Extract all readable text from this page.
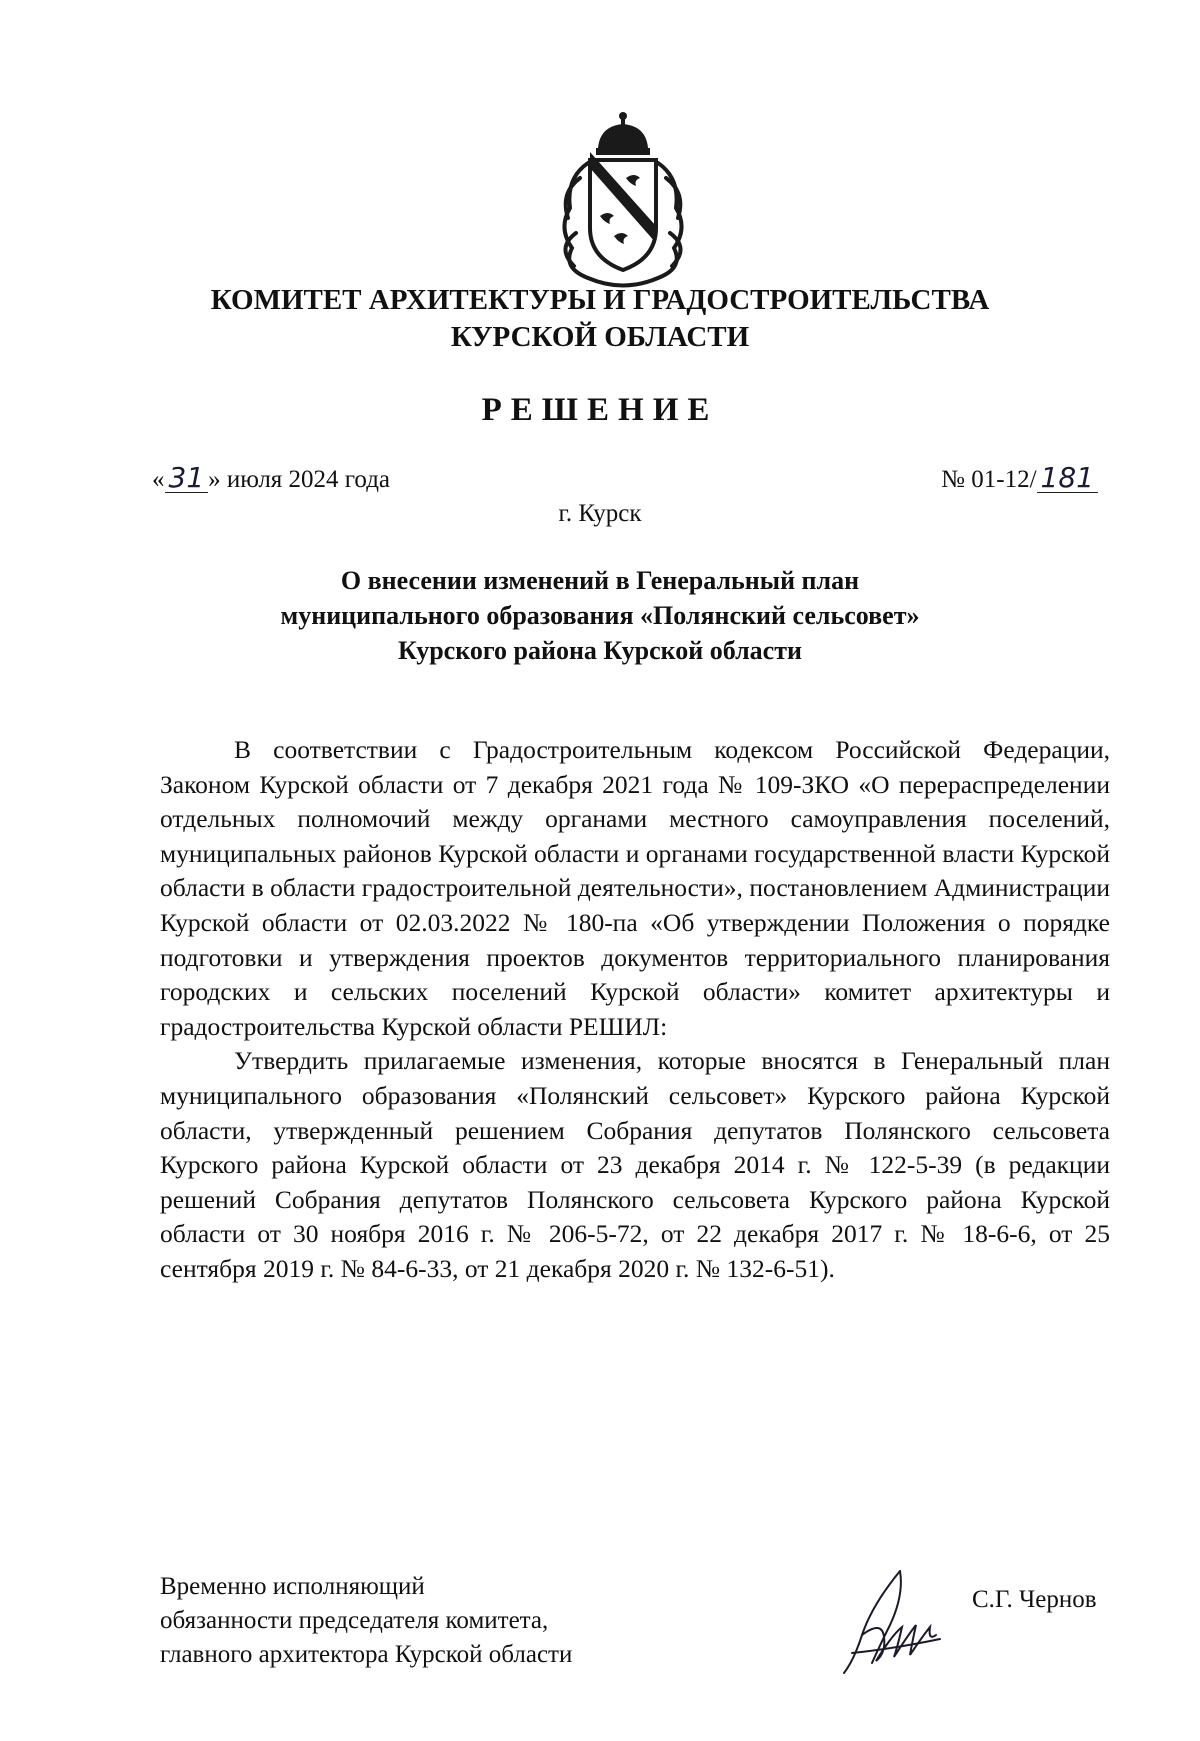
КОМИТЕТ АРХИТЕКТУРЫ И ГРАДОСТРОИТЕЛЬСТВА
КУРСКОЙ ОБЛАСТИ
РЕШЕНИЕ
« 31 » июля 2024 года	№ 01-12/ 181
г. Курск
О внесении изменений в Генеральный план
муниципального образования «Полянский сельсовет»
Курского района Курской области

В соответствии с Градостроительным кодексом Российской Федерации, Законом Курской области от 7 декабря 2021 года № 109-ЗКО «О перераспределении отдельных полномочий между органами местного самоуправления поселений, муниципальных районов Курской области и органами государственной власти Курской области в области градостроительной деятельности», постановлением Администрации Курской области от 02.03.2022 № 180-па «Об утверждении Положения о порядке подготовки и утверждения проектов документов территориального планирования городских и сельских поселений Курской области» комитет архитектуры и градостроительства Курской области РЕШИЛ:

Утвердить прилагаемые изменения, которые вносятся в Генеральный план муниципального образования «Полянский сельсовет» Курского района Курской области, утвержденный решением Собрания депутатов Полянского сельсовета Курского района Курской области от 23 декабря 2014 г. № 122-5-39 (в редакции решений Собрания депутатов Полянского сельсовета Курского района Курской области от 30 ноября 2016 г. № 206-5-72, от 22 декабря 2017 г. № 18-6-6, от 25 сентября 2019 г. № 84-6-33, от 21 декабря 2020 г. № 132-6-51).

Временно исполняющий
обязанности председателя комитета,
главного архитектора Курской области
С.Г. Чернов
